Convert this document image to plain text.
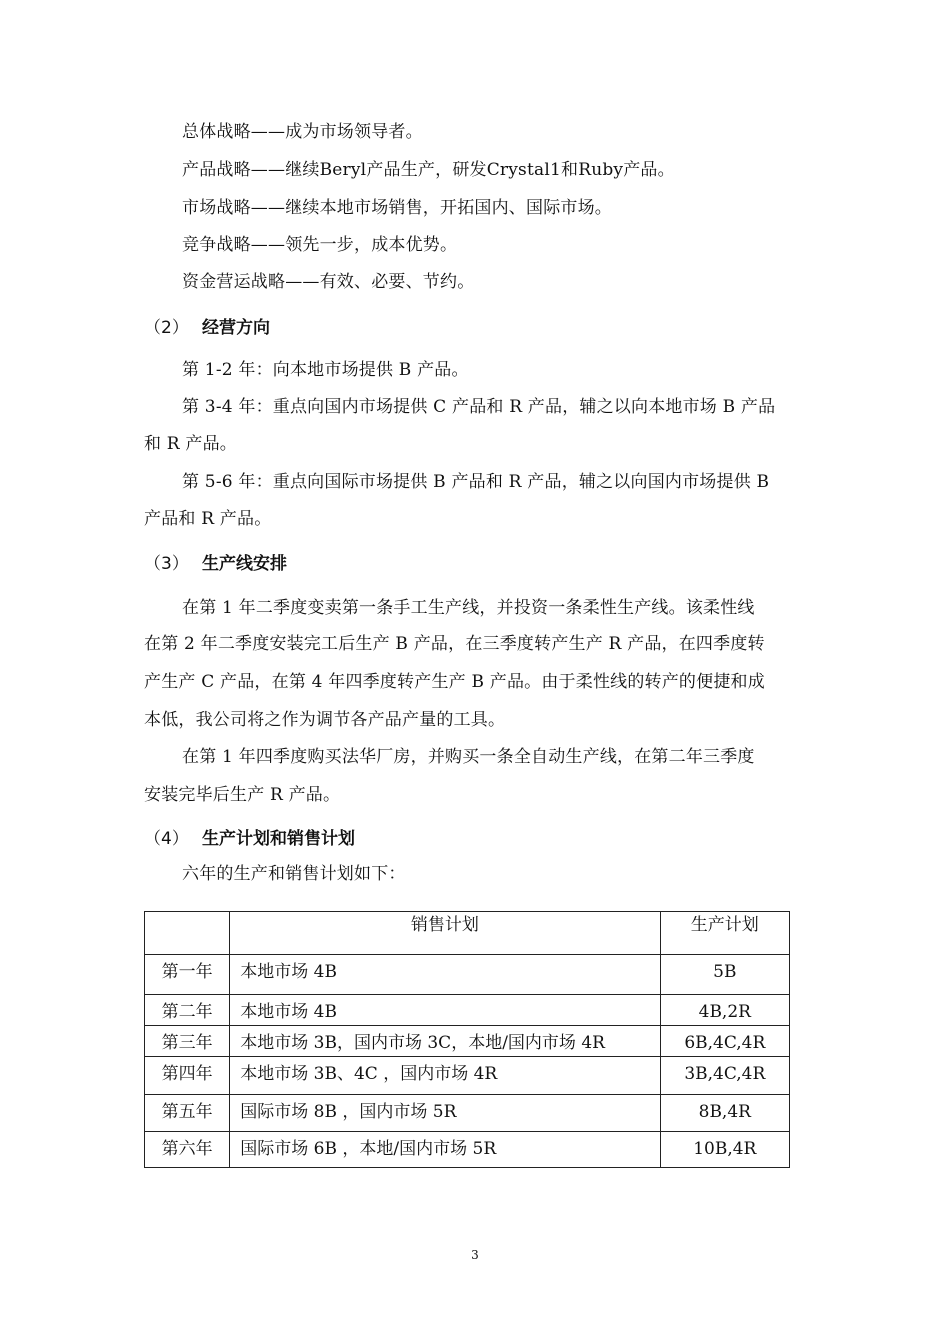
总体战略——成为市场领导者。
产品战略——继续Beryl产品生产，研发Crystal1和Ruby产品。
市场战略——继续本地市场销售，开拓国内、国际市场。
竞争战略——领先一步，成本优势。
资金营运战略——有效、必要、节约。
（2） 经营方向
第 1-2 年：向本地市场提供 B 产品。
第 3-4 年：重点向国内市场提供 C 产品和 R 产品，辅之以向本地市场 B 产品
和 R 产品。
第 5-6 年：重点向国际市场提供 B 产品和 R 产品，辅之以向国内市场提供 B
产品和 R 产品。
（3） 生产线安排
在第 1 年二季度变卖第一条手工生产线，并投资一条柔性生产线。该柔性线
在第 2 年二季度安装完工后生产 B 产品，在三季度转产生产 R 产品，在四季度转
产生产 C 产品，在第 4 年四季度转产生产 B 产品。由于柔性线的转产的便捷和成
本低，我公司将之作为调节各产品产量的工具。
在第 1 年四季度购买法华厂房，并购买一条全自动生产线，在第二年三季度
安装完毕后生产 R 产品。
（4） 生产计划和销售计划
六年的生产和销售计划如下：
	销售计划	生产计划
第一年	本地市场 4B	5B
第二年	本地市场 4B	4B,2R
第三年	本地市场 3B，国内市场 3C，本地/国内市场 4R	6B,4C,4R
第四年	本地市场 3B、4C ，国内市场 4R	3B,4C,4R
第五年	国际市场 8B ，国内市场 5R	8B,4R
第六年	国际市场 6B ，本地/国内市场 5R	10B,4R
3
